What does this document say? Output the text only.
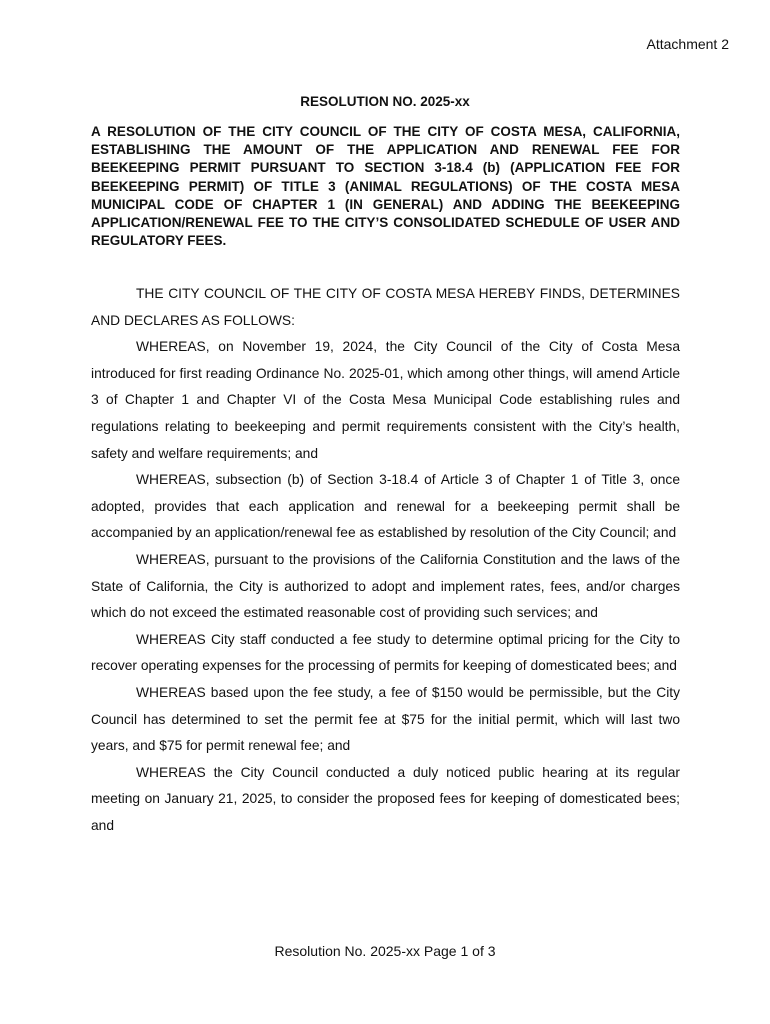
Attachment 2
RESOLUTION NO. 2025-xx
A RESOLUTION OF THE CITY COUNCIL OF THE CITY OF COSTA MESA, CALIFORNIA, ESTABLISHING THE AMOUNT OF THE APPLICATION AND RENEWAL FEE FOR BEEKEEPING PERMIT PURSUANT TO SECTION 3-18.4 (b) (APPLICATION FEE FOR BEEKEEPING PERMIT) OF TITLE 3 (ANIMAL REGULATIONS) OF THE COSTA MESA MUNICIPAL CODE OF CHAPTER 1 (IN GENERAL) AND ADDING THE BEEKEEPING APPLICATION/RENEWAL FEE TO THE CITY’S CONSOLIDATED SCHEDULE OF USER AND REGULATORY FEES.

THE CITY COUNCIL OF THE CITY OF COSTA MESA HEREBY FINDS, DETERMINES AND DECLARES AS FOLLOWS:

WHEREAS, on November 19, 2024, the City Council of the City of Costa Mesa introduced for first reading Ordinance No. 2025-01, which among other things, will amend Article 3 of Chapter 1 and Chapter VI of the Costa Mesa Municipal Code establishing rules and regulations relating to beekeeping and permit requirements consistent with the City’s health, safety and welfare requirements; and

WHEREAS, subsection (b) of Section 3-18.4 of Article 3 of Chapter 1 of Title 3, once adopted, provides that each application and renewal for a beekeeping permit shall be accompanied by an application/renewal fee as established by resolution of the City Council; and

WHEREAS, pursuant to the provisions of the California Constitution and the laws of the State of California, the City is authorized to adopt and implement rates, fees, and/or charges which do not exceed the estimated reasonable cost of providing such services; and

WHEREAS City staff conducted a fee study to determine optimal pricing for the City to recover operating expenses for the processing of permits for keeping of domesticated bees; and

WHEREAS based upon the fee study, a fee of $150 would be permissible, but the City Council has determined to set the permit fee at $75 for the initial permit, which will last two years, and $75 for permit renewal fee; and

WHEREAS the City Council conducted a duly noticed public hearing at its regular meeting on January 21, 2025, to consider the proposed fees for keeping of domesticated bees; and

Resolution No. 2025-xx Page 1 of 3
